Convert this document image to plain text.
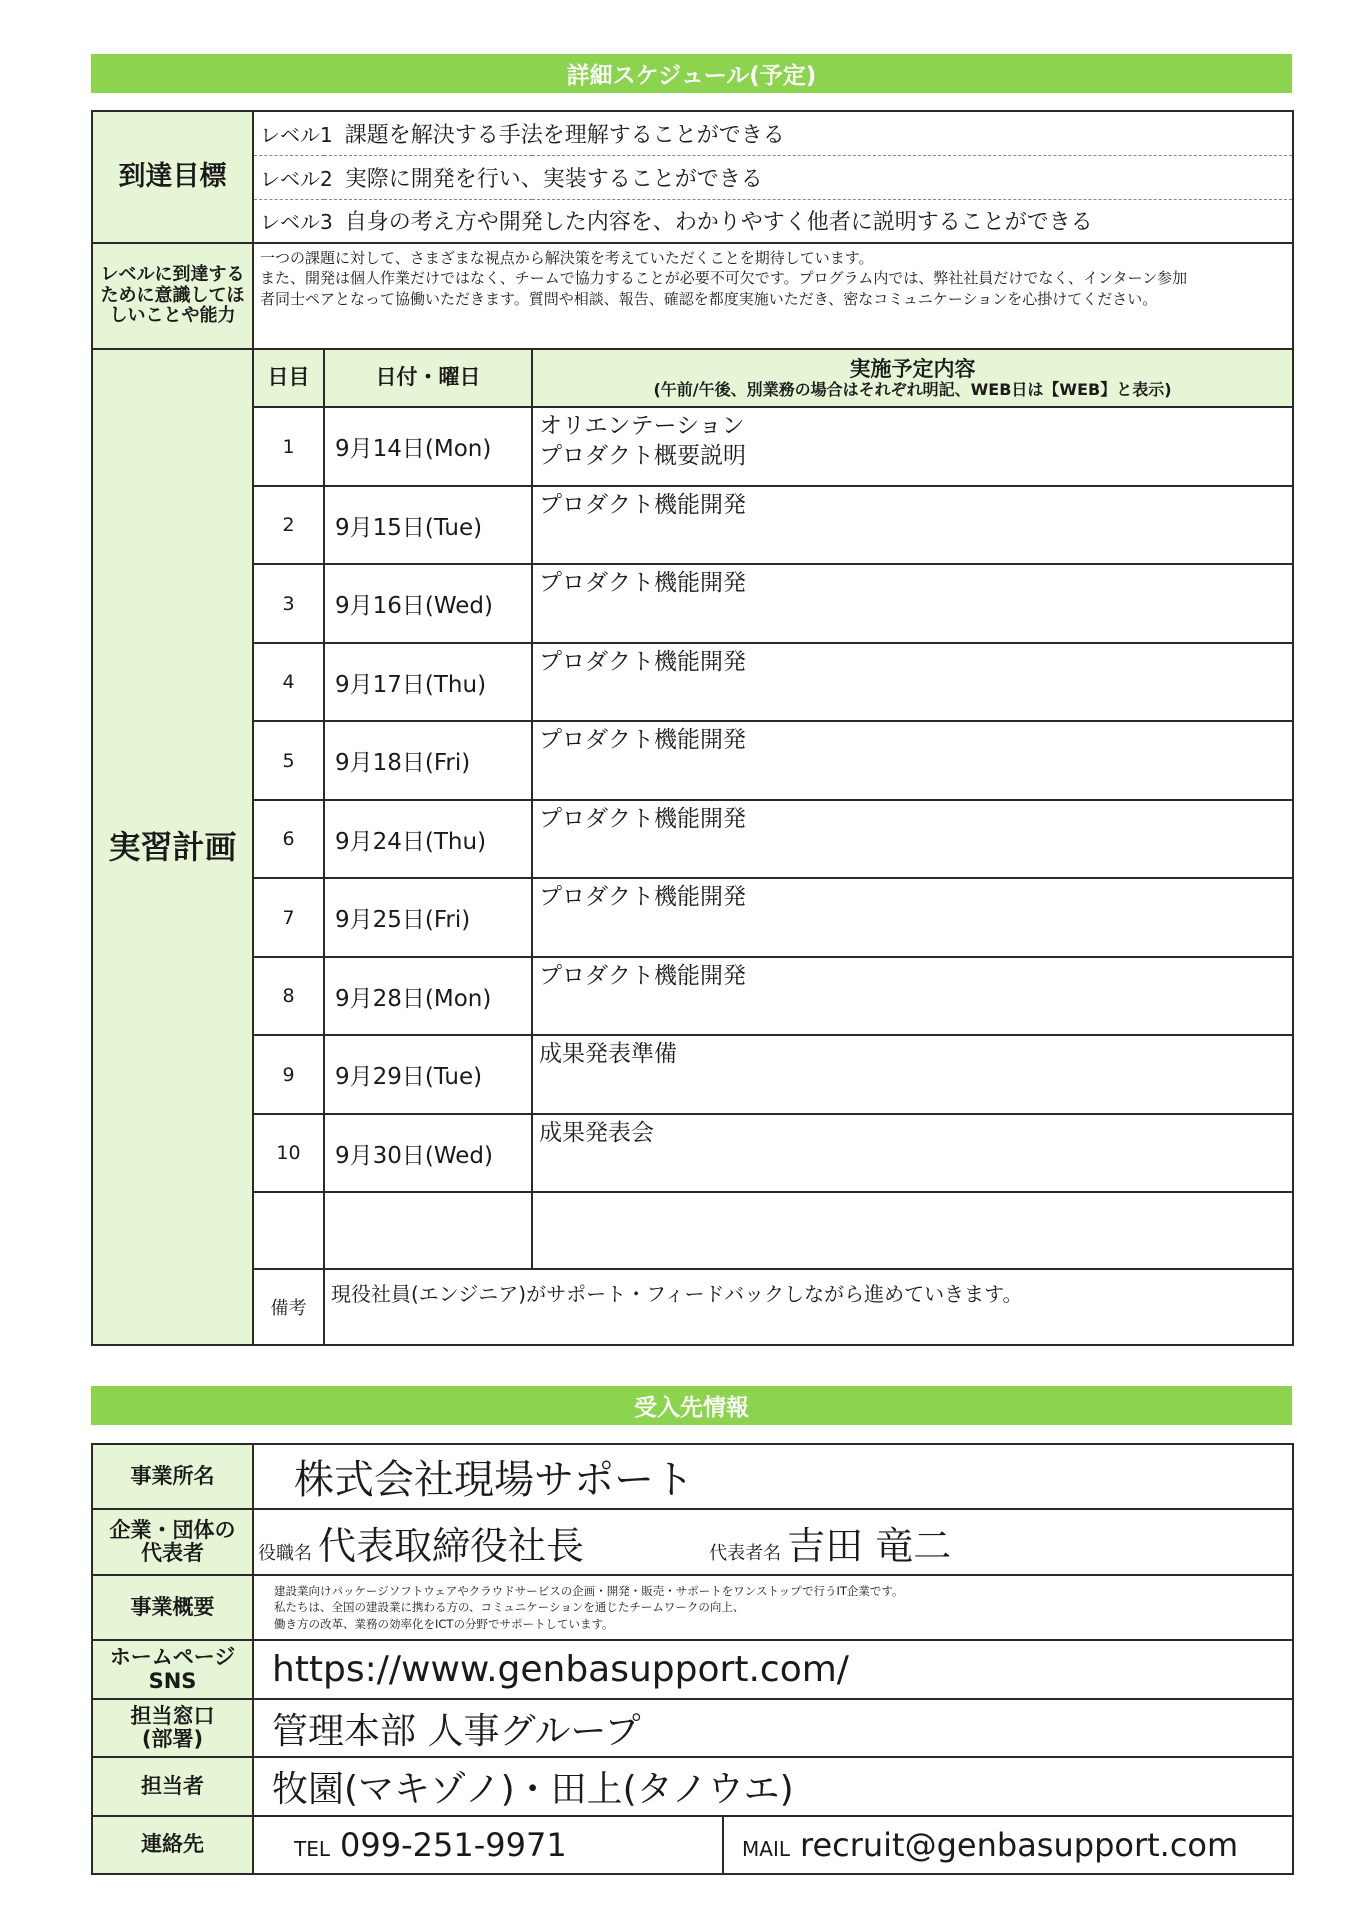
詳細スケジュール(予定)
到達目標	レベル1 課題を解決する手法を理解することができる		
	レベル2 実際に開発を行い、実装することができる		
	レベル3 自身の考え方や開発した内容を、わかりやすく他者に説明することができる		
レベルに到達するために意識してほしいことや能力	一つの課題に対して、さまざまな視点から解決策を考えていただくことを期待しています。
また、開発は個人作業だけではなく、チームで協力することが必要不可欠です。プログラム内では、弊社社員だけでなく、インターン参加
者同士ペアとなって協働いただきます。質問や相談、報告、確認を都度実施いただき、密なコミュニケーションを心掛けてください。		

実習計画	日目	日付・曜日	実施予定内容
(午前/午後、別業務の場合はそれぞれ明記、WEB日は【WEB】と表示)

	1	9月14日(Mon)	オリエンテーション
プロダクト概要説明

	2	9月15日(Tue)	プロダクト機能開発

	3	9月16日(Wed)	プロダクト機能開発

	4	9月17日(Thu)	プロダクト機能開発

	5	9月18日(Fri)	プロダクト機能開発

	6	9月24日(Thu)	プロダクト機能開発

	7	9月25日(Fri)	プロダクト機能開発

	8	9月28日(Mon)	プロダクト機能開発

	9	9月29日(Tue)	成果発表準備

	10	9月30日(Wed)	成果発表会

	備考	現役社員(エンジニア)がサポート・フィードバックしながら進めていきます。	
受入先情報
事業所名	株式会社現場サポート	

企業・団体の
代表者	役職名 代表取締役社長 代表者名 吉田 竜二	
事業概要	建設業向けパッケージソフトウェアやクラウドサービスの企画・開発・販売・サポートをワンストップで行うIT企業です。
私たちは、全国の建設業に携わる方の、コミュニケーションを通じたチームワークの向上、
働き方の改革、業務の効率化をICTの分野でサポートしています。	

ホームページ
SNS	https://www.genbasupport.com/	

担当窓口
(部署)	管理本部 人事グループ	
担当者	牧園(マキゾノ)・田上(タノウエ)	
連絡先	TEL 099-251-9971	MAIL recruit@genbasupport.com
